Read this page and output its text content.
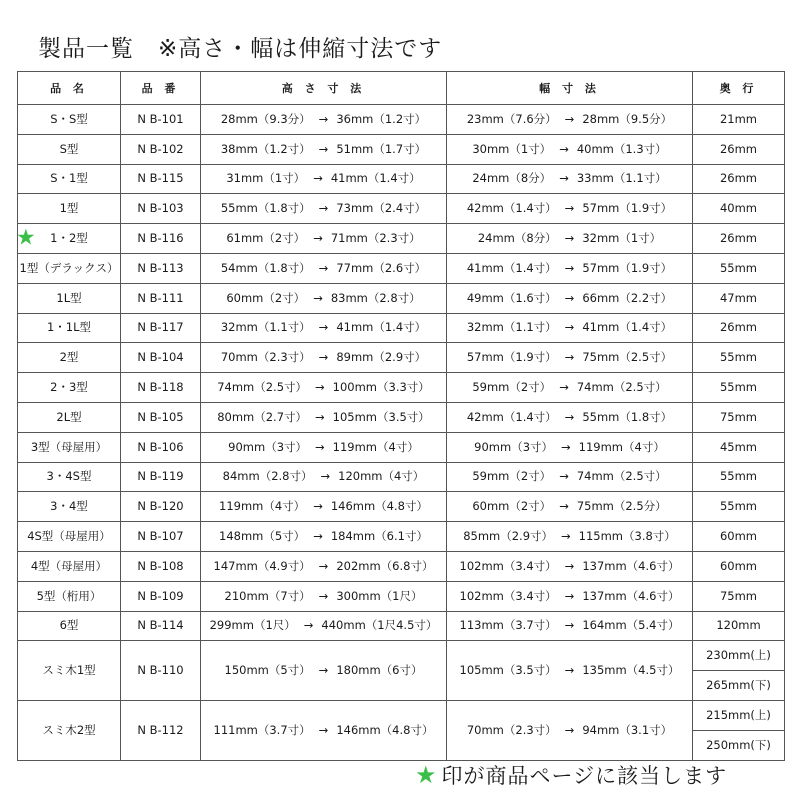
製品一覧　※高さ・幅は伸縮寸法です
品 名	品 番	高 さ 寸 法	幅 寸 法	奥 行
S・S型	N B-101	28mm（9.3分） → 36mm（1.2寸）	23mm（7.6分） → 28mm（9.5分）	21mm
S型	N B-102	38mm（1.2寸） → 51mm（1.7寸）	30mm（1寸） → 40mm（1.3寸）	26mm
S・1型	N B-115	31mm（1寸） → 41mm（1.4寸）	24mm（8分） → 33mm（1.1寸）	26mm
1型	N B-103	55mm（1.8寸） → 73mm（2.4寸）	42mm（1.4寸） → 57mm（1.9寸）	40mm

★ 1・2型	N B-116	61mm（2寸） → 71mm（2.3寸）	24mm（8分） → 32mm（1寸）	26mm
1型（デラックス）	N B-113	54mm（1.8寸） → 77mm（2.6寸）	41mm（1.4寸） → 57mm（1.9寸）	55mm
1L型	N B-111	60mm（2寸） → 83mm（2.8寸）	49mm（1.6寸） → 66mm（2.2寸）	47mm
1・1L型	N B-117	32mm（1.1寸） → 41mm（1.4寸）	32mm（1.1寸） → 41mm（1.4寸）	26mm
2型	N B-104	70mm（2.3寸） → 89mm（2.9寸）	57mm（1.9寸） → 75mm（2.5寸）	55mm
2・3型	N B-118	74mm（2.5寸） → 100mm（3.3寸）	59mm（2寸） → 74mm（2.5寸）	55mm
2L型	N B-105	80mm（2.7寸） → 105mm（3.5寸）	42mm（1.4寸） → 55mm（1.8寸）	75mm
3型（母屋用）	N B-106	90mm（3寸） → 119mm（4寸）	90mm（3寸） → 119mm（4寸）	45mm
3・4S型	N B-119	84mm（2.8寸） → 120mm（4寸）	59mm（2寸） → 74mm（2.5寸）	55mm
3・4型	N B-120	119mm（4寸） → 146mm（4.8寸）	60mm（2寸） → 75mm（2.5分）	55mm
4S型（母屋用）	N B-107	148mm（5寸） → 184mm（6.1寸）	85mm（2.9寸） → 115mm（3.8寸）	60mm
4型（母屋用）	N B-108	147mm（4.9寸） → 202mm（6.8寸）	102mm（3.4寸） → 137mm（4.6寸）	60mm
5型（桁用）	N B-109	210mm（7寸） → 300mm（1尺）	102mm（3.4寸） → 137mm（4.6寸）	75mm
6型	N B-114	299mm（1尺） → 440mm（1尺4.5寸）	113mm（3.7寸） → 164mm（5.4寸）	120mm
スミ木1型	N B-110	150mm（5寸） → 180mm（6寸）	105mm（3.5寸） → 135mm（4.5寸）	230mm(上)
				265mm(下)
スミ木2型	N B-112	111mm（3.7寸） → 146mm（4.8寸）	70mm（2.3寸） → 94mm（3.1寸）	215mm(上)
				250mm(下)
★ 印が商品ページに該当します
